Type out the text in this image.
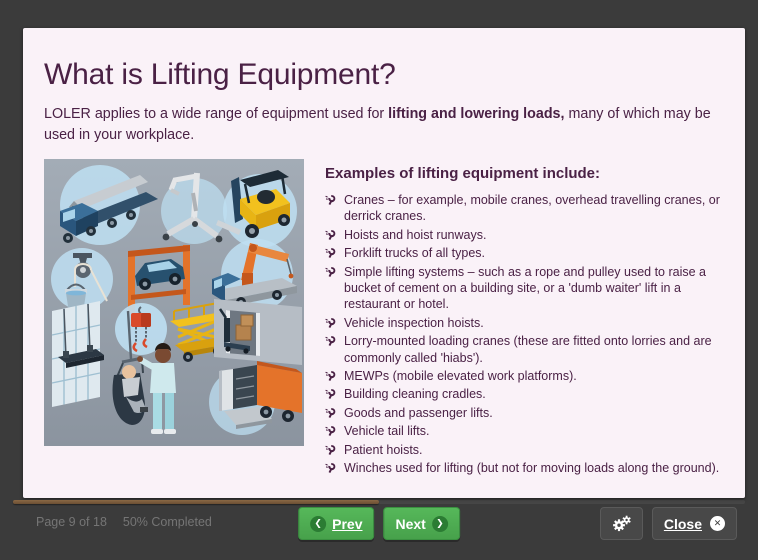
What is Lifting Equipment?

LOLER applies to a wide range of equipment used for lifting and lowering loads, many of which may be used in your workplace.

Examples of lifting equipment include:
Cranes – for example, mobile cranes, overhead travelling cranes, or derrick cranes.
Hoists and hoist runways.
Forklift trucks of all types.
Simple lifting systems – such as a rope and pulley used to raise a bucket of cement on a building site, or a 'dumb waiter' lift in a restaurant or hotel.
Vehicle inspection hoists.
Lorry-mounted loading cranes (these are fitted onto lorries and are commonly called 'hiabs').
MEWPs (mobile elevated work platforms).
Building cleaning cradles.
Goods and passenger lifts.
Vehicle tail lifts.
Patient hoists.
Winches used for lifting (but not for moving loads along the ground).
Page 9 of 18 50% Completed	❮ Prev Next	❯	Close	✕
